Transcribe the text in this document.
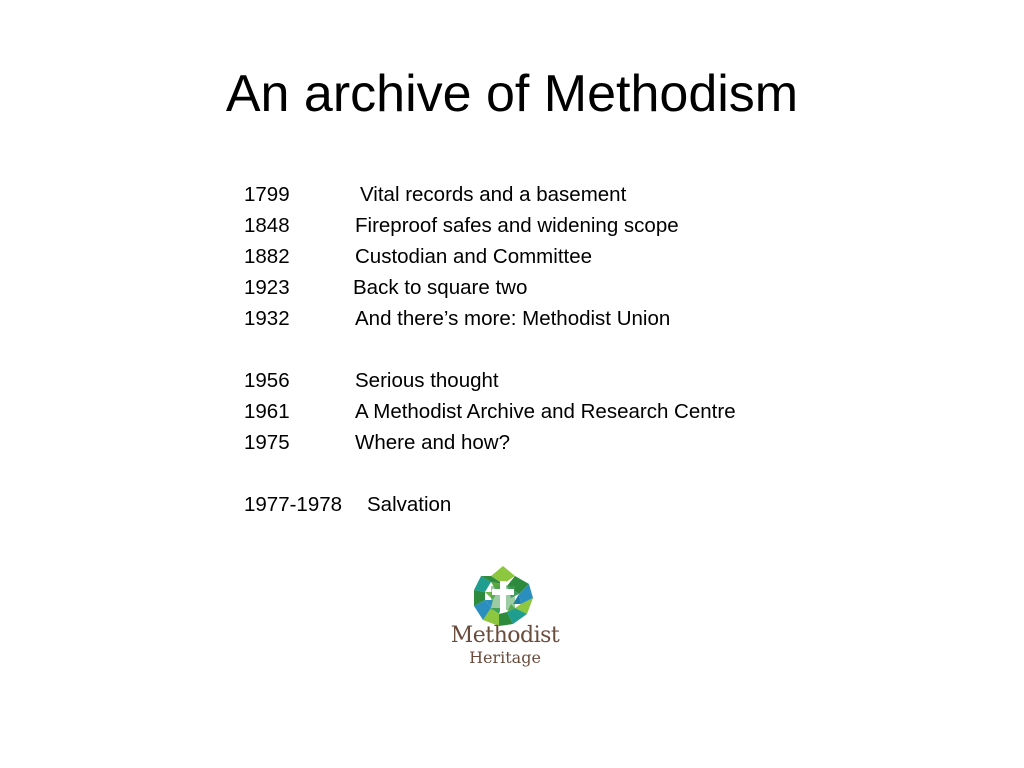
An archive of Methodism
1799	Vital records and a basement
1848	Fireproof safes and widening scope
1882	Custodian and Committee
1923	Back to square two
1932	And there’s more: Methodist Union
1956	Serious thought
1961	A Methodist Archive and Research Centre
1975	Where and how?
1977-1978 Salvation
Methodist
Heritage
